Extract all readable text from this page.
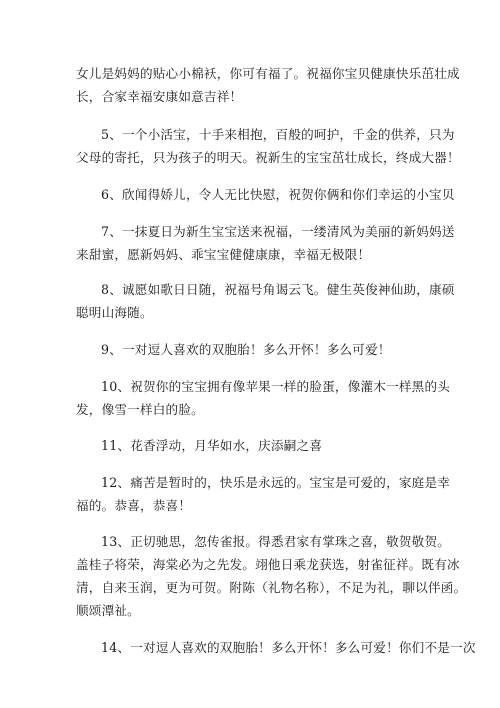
女儿是妈妈的贴心小棉袄，你可有福了。祝福你宝贝健康快乐茁壮成
长，合家幸福安康如意吉祥！
5、一个小活宝，十手来相抱，百般的呵护，千金的供养，只为
父母的寄托，只为孩子的明天。祝新生的宝宝茁壮成长，终成大器！
6、欣闻得娇儿，令人无比快慰，祝贺你俩和你们幸运的小宝贝
7、一抹夏日为新生宝宝送来祝福，一缕清风为美丽的新妈妈送
来甜蜜，愿新妈妈、乖宝宝健健康康，幸福无极限！
8、诚愿如歌日日随，祝福号角谒云飞。健生英俊神仙助，康硕
聪明山海随。
9、一对逗人喜欢的双胞胎！多么开怀！多么可爱！
10、祝贺你的宝宝拥有像苹果一样的脸蛋，像灌木一样黑的头
发，像雪一样白的脸。
11、花香浮动，月华如水，庆添嗣之喜
12、痛苦是暂时的，快乐是永远的。宝宝是可爱的，家庭是幸
福的。恭喜，恭喜！
13、正切驰思，忽传雀报。得悉君家有掌珠之喜，敬贺敬贺。
盖桂子将荣，海棠必为之先发。翊他日乘龙获选，射雀征祥。既有冰
清，自来玉润，更为可贺。附陈（礼物名称），不足为礼，聊以伴函。
顺颂潭祉。
14、一对逗人喜欢的双胞胎！多么开怀！多么可爱！你们不是一次
